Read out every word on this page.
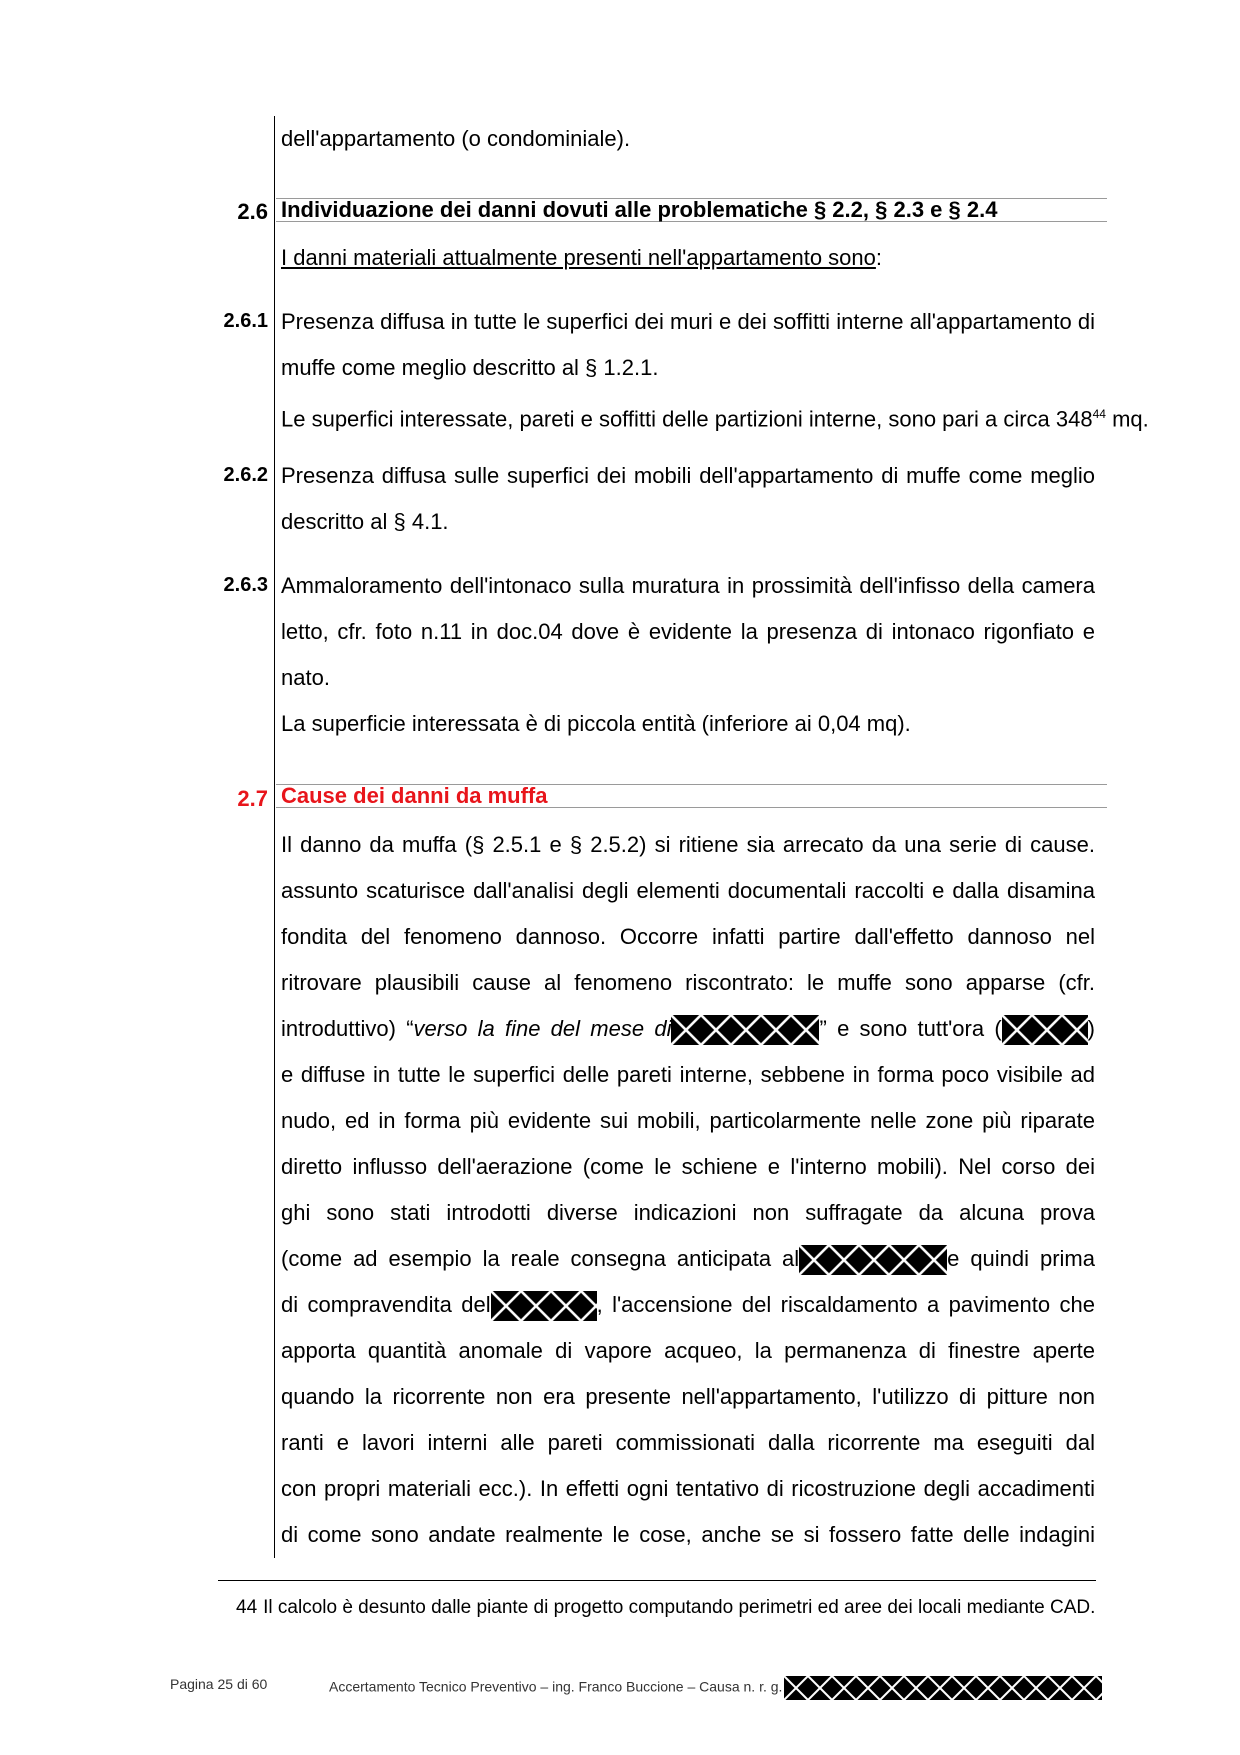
dell'appartamento (o condominiale).
2.6 Individuazione dei danni dovuti alle problematiche § 2.2, § 2.3 e § 2.4
I danni materiali attualmente presenti nell'appartamento sono:
2.6.1 Presenza diffusa in tutte le superfici dei muri e dei soffitti interne all'appartamento di
muffe come meglio descritto al § 1.2.1.
Le superfici interessate, pareti e soffitti delle partizioni interne, sono pari a circa $348^{44}$ mq.
2.6.2 Presenza diffusa sulle superfici dei mobili dell'appartamento di muffe come meglio
descritto al § 4.1.
2.6.3 Ammaloramento dell'intonaco sulla muratura in prossimità dell'infisso della camera
letto, cfr. foto n.11 in doc.04 dove è evidente la presenza di intonaco rigonfiato e
nato.
La superficie interessata è di piccola entità (inferiore ai 0,04 mq).
2.7 Cause dei danni da muffa
Il danno da muffa (§ 2.5.1 e § 2.5.2) si ritiene sia arrecato da una serie di cause.
assunto scaturisce dall'analisi degli elementi documentali raccolti e dalla disamina
fondita del fenomeno dannoso. Occorre infatti partire dall'effetto dannoso nel
ritrovare plausibili cause al fenomeno riscontrato: le muffe sono apparse (cfr.
introduttivo) “verso la fine del mese di	” e sono tutt'ora (	)
e diffuse in tutte le superfici delle pareti interne, sebbene in forma poco visibile ad
nudo, ed in forma più evidente sui mobili, particolarmente nelle zone più riparate
diretto influsso dell'aerazione (come le schiene e l'interno mobili). Nel corso dei
ghi sono stati introdotti diverse indicazioni non suffragate da alcuna prova
(come ad esempio la reale consegna anticipata al	e quindi prima
di compravendita del	, l'accensione del riscaldamento a pavimento che
apporta quantità anomale di vapore acqueo, la permanenza di finestre aperte
quando la ricorrente non era presente nell'appartamento, l'utilizzo di pitture non
ranti e lavori interni alle pareti commissionati dalla ricorrente ma eseguiti dal
con propri materiali ecc.). In effetti ogni tentativo di ricostruzione degli accadimenti
di come sono andate realmente le cose, anche se si fossero fatte delle indagini
44 Il calcolo è desunto dalle piante di progetto computando perimetri ed aree dei locali mediante CAD.
Pagina 25 di 60	Accertamento Tecnico Preventivo – ing. Franco Buccione – Causa n. r. g.
